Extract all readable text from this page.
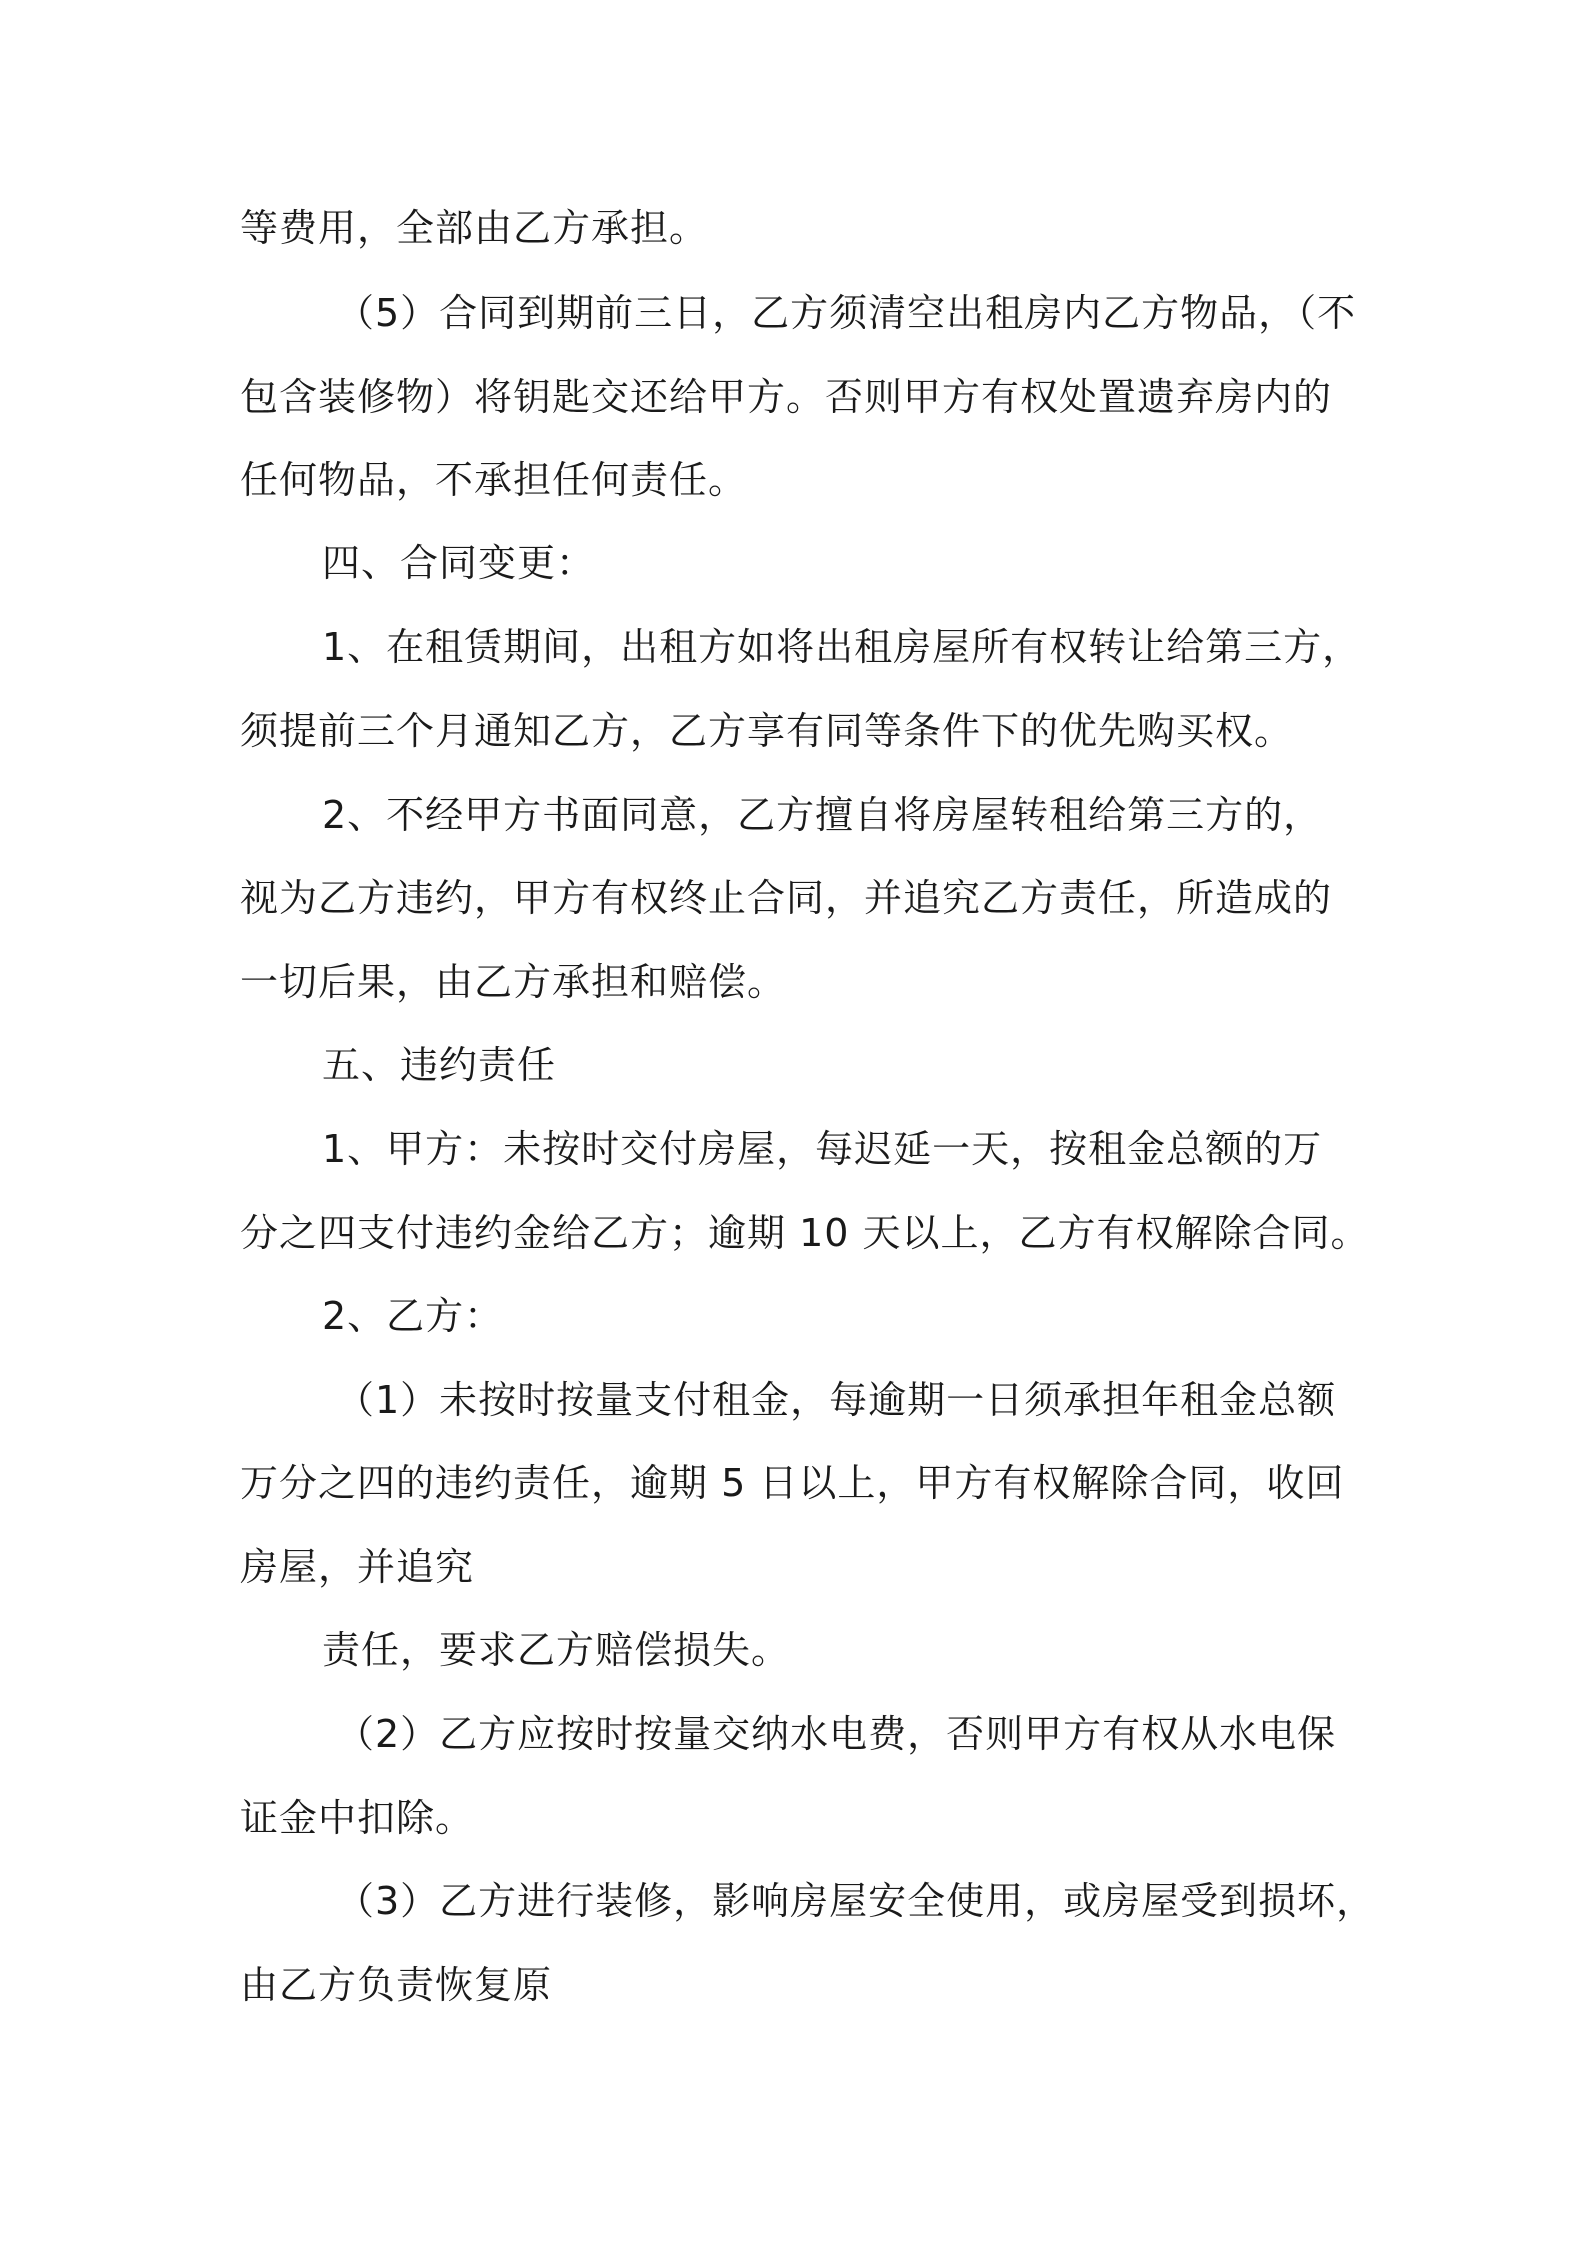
等费用，全部由乙方承担。
（5）合同到期前三日，乙方须清空出租房内乙方物品，（不
包含装修物）将钥匙交还给甲方。否则甲方有权处置遗弃房内的
任何物品，不承担任何责任。
四、合同变更：
1、在租赁期间，出租方如将出租房屋所有权转让给第三方，
须提前三个月通知乙方，乙方享有同等条件下的优先购买权。
2、不经甲方书面同意，乙方擅自将房屋转租给第三方的，
视为乙方违约，甲方有权终止合同，并追究乙方责任，所造成的
一切后果，由乙方承担和赔偿。
五、违约责任
1、甲方：未按时交付房屋，每迟延一天，按租金总额的万
分之四支付违约金给乙方；逾期 10 天以上，乙方有权解除合同。
2、乙方：
（1）未按时按量支付租金，每逾期一日须承担年租金总额
万分之四的违约责任，逾期 5 日以上，甲方有权解除合同，收回
房屋，并追究
责任，要求乙方赔偿损失。
（2）乙方应按时按量交纳水电费，否则甲方有权从水电保
证金中扣除。
（3）乙方进行装修，影响房屋安全使用，或房屋受到损坏，
由乙方负责恢复原
